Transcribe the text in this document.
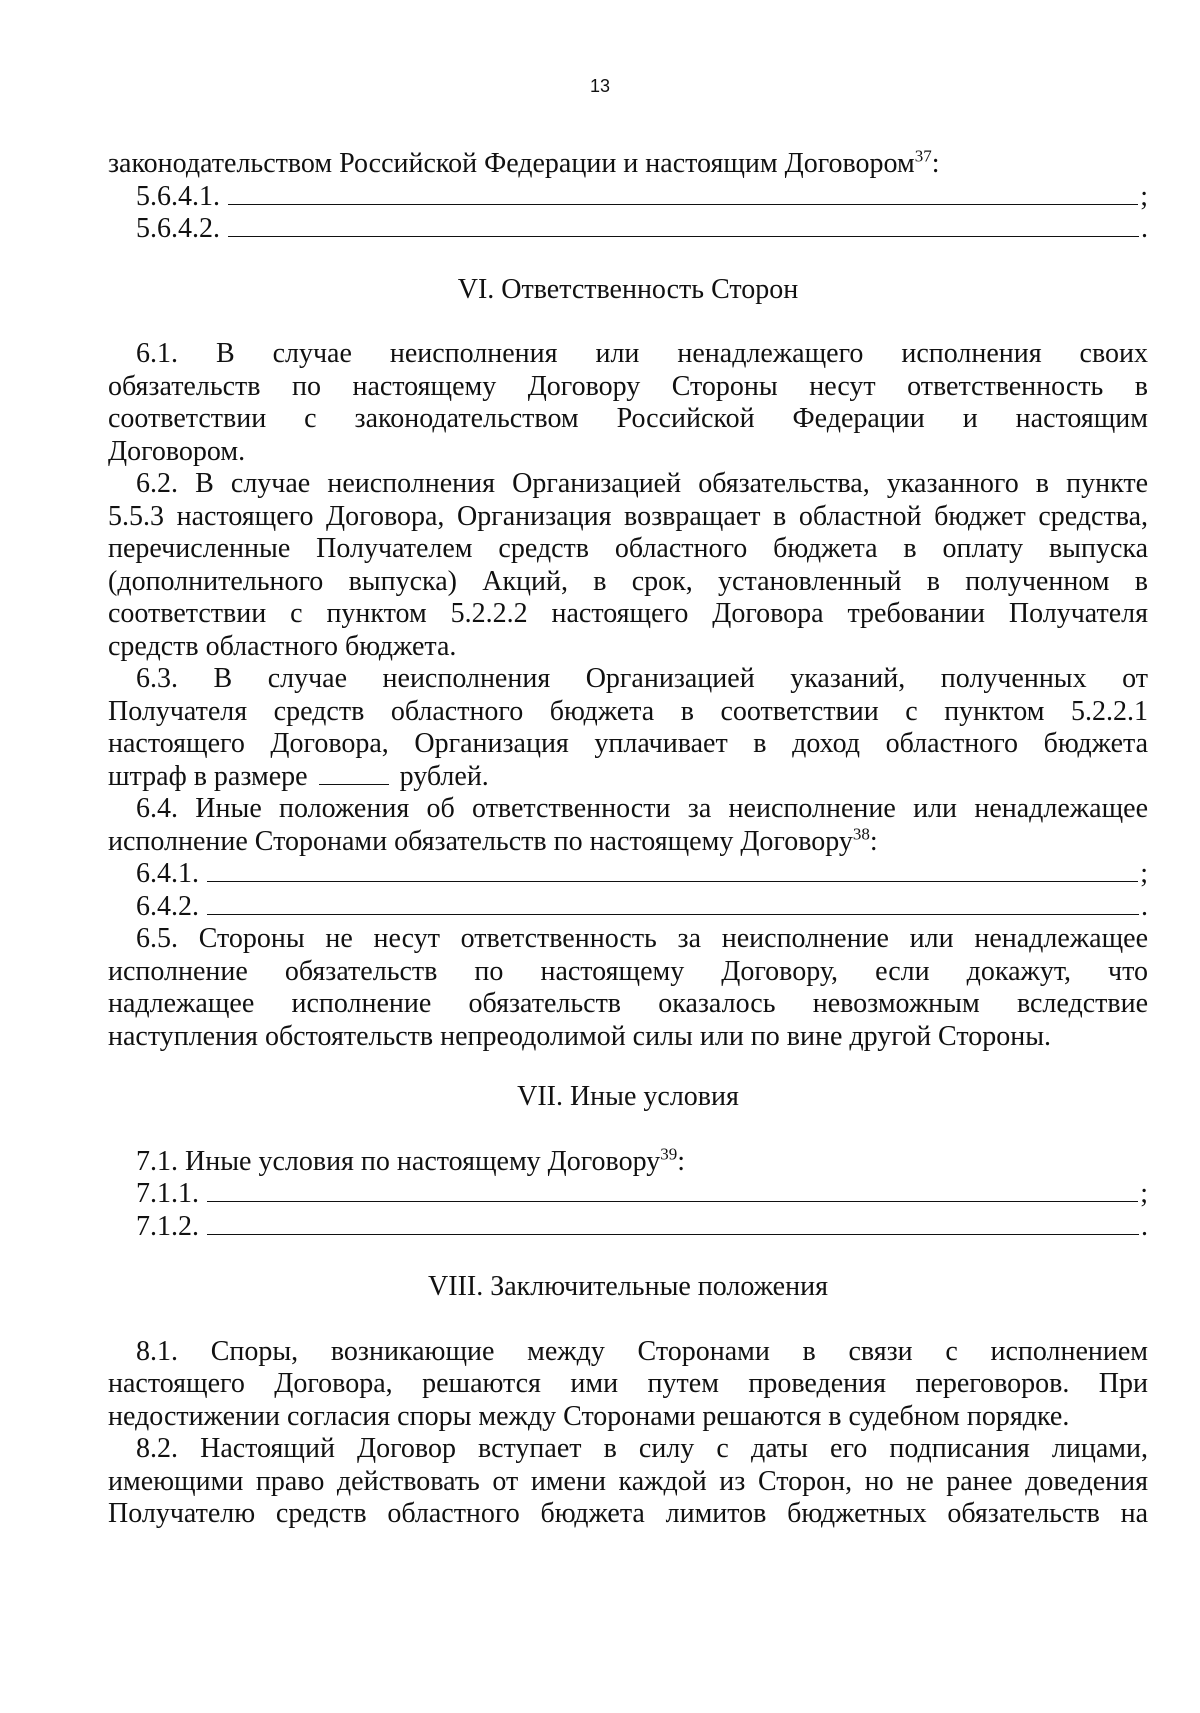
13
законодательством Российской Федерации и настоящим Договором$^{37}$:
5.6.4.1.	;
5.6.4.2.	.
VI. Ответственность Сторон
6.1. В случае неисполнения или ненадлежащего исполнения своих
обязательств по настоящему Договору Стороны несут ответственность в
соответствии с законодательством Российской Федерации и настоящим
Договором.
6.2. В случае неисполнения Организацией обязательства, указанного в пункте
5.5.3 настоящего Договора, Организация возвращает в областной бюджет средства,
перечисленные Получателем средств областного бюджета в оплату выпуска
(дополнительного выпуска) Акций, в срок, установленный в полученном в
соответствии с пунктом 5.2.2.2 настоящего Договора требовании Получателя
средств областного бюджета.
6.3. В случае неисполнения Организацией указаний, полученных от
Получателя средств областного бюджета в соответствии с пунктом 5.2.2.1
настоящего Договора, Организация уплачивает в доход областного бюджета
штраф в размере	рублей.
6.4. Иные положения об ответственности за неисполнение или ненадлежащее
исполнение Сторонами обязательств по настоящему Договору$^{38}$:
6.4.1.	;
6.4.2.	.
6.5. Стороны не несут ответственность за неисполнение или ненадлежащее
исполнение обязательств по настоящему Договору, если докажут, что
надлежащее исполнение обязательств оказалось невозможным вследствие
наступления обстоятельств непреодолимой силы или по вине другой Стороны.
VII. Иные условия
7.1. Иные условия по настоящему Договору$^{39}$:
7.1.1.	;
7.1.2.	.
VIII. Заключительные положения
8.1. Споры, возникающие между Сторонами в связи с исполнением
настоящего Договора, решаются ими путем проведения переговоров. При
недостижении согласия споры между Сторонами решаются в судебном порядке.
8.2. Настоящий Договор вступает в силу с даты его подписания лицами,
имеющими право действовать от имени каждой из Сторон, но не ранее доведения
Получателю средств областного бюджета лимитов бюджетных обязательств на
